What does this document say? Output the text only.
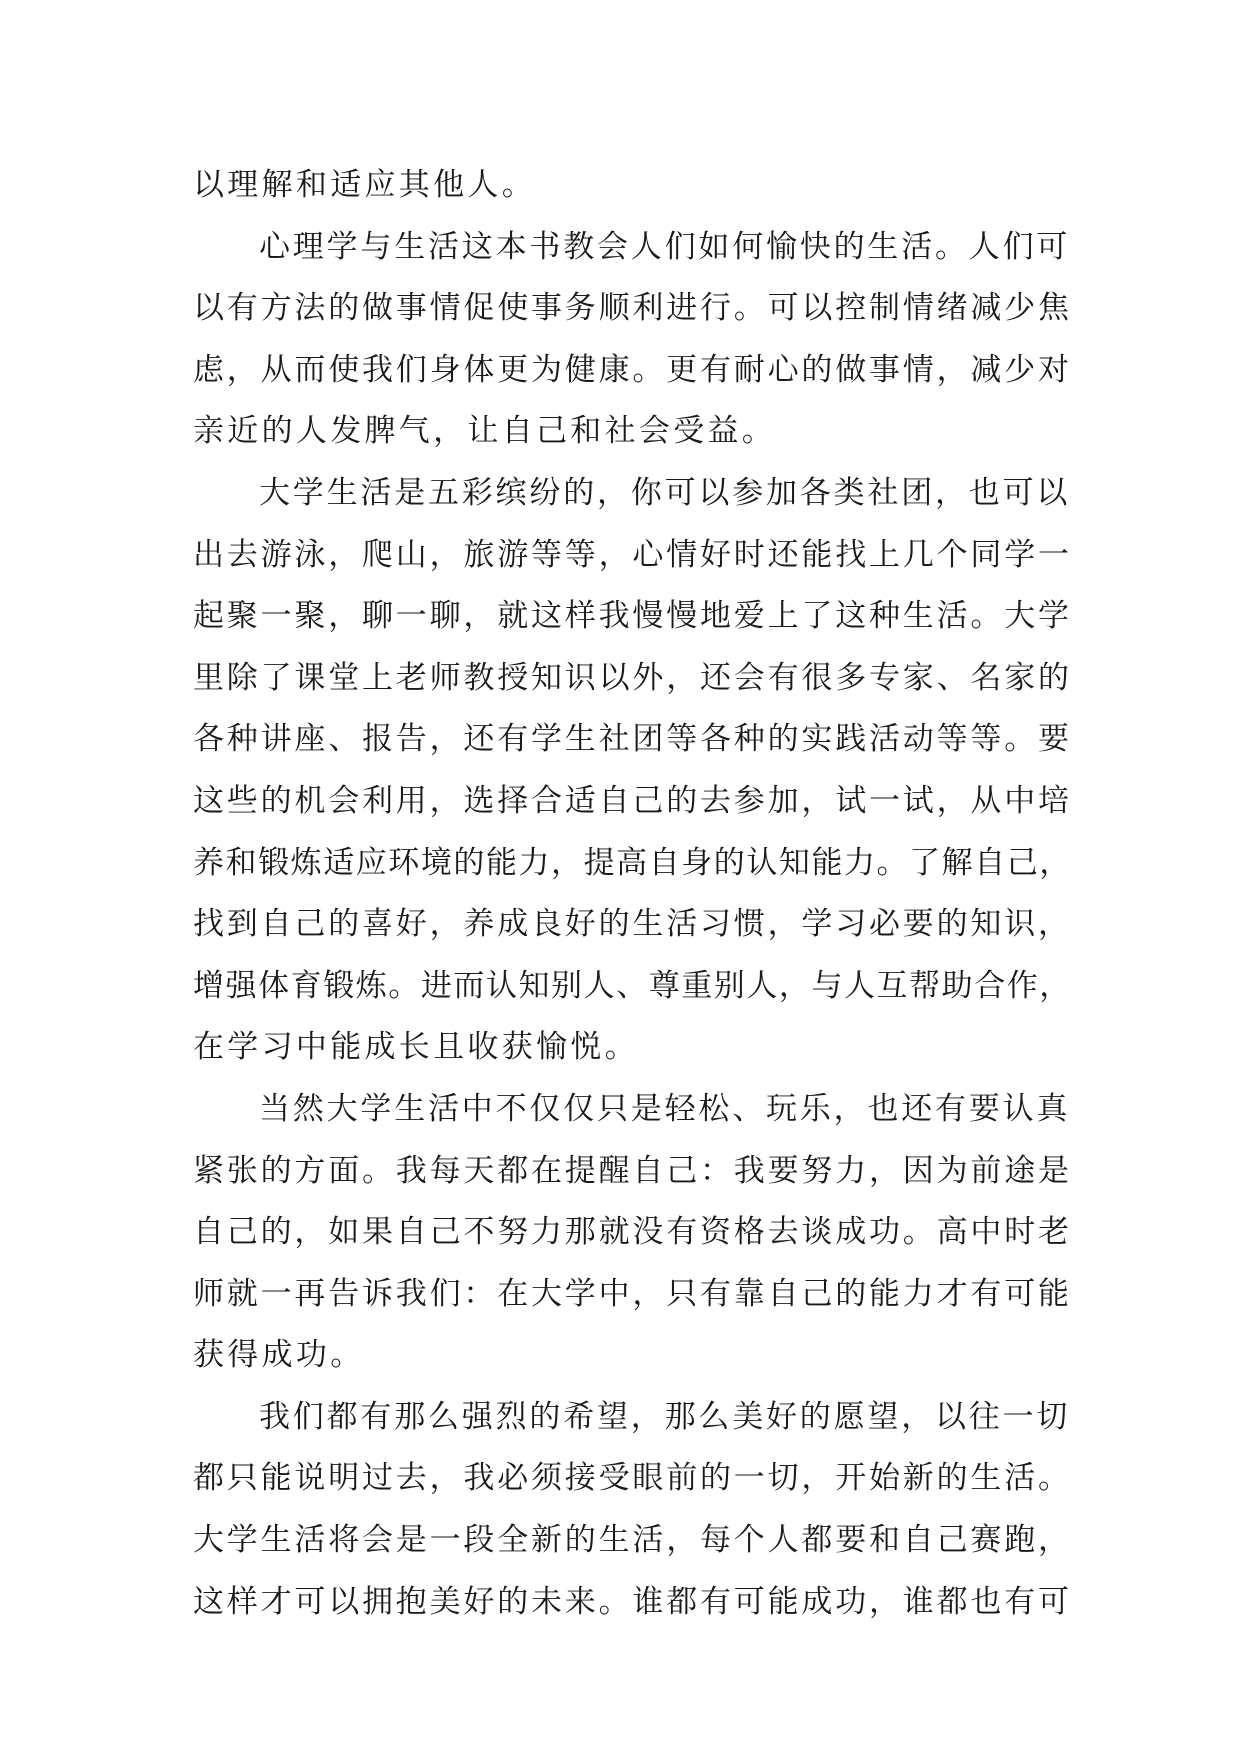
以理解和适应其他人。
心理学与生活这本书教会人们如何愉快的生活。人们可
以有方法的做事情促使事务顺利进行。可以控制情绪减少焦
虑，从而使我们身体更为健康。更有耐心的做事情，减少对
亲近的人发脾气，让自己和社会受益。
大学生活是五彩缤纷的，你可以参加各类社团，也可以
出去游泳，爬山，旅游等等，心情好时还能找上几个同学一
起聚一聚，聊一聊，就这样我慢慢地爱上了这种生活。大学
里除了课堂上老师教授知识以外，还会有很多专家、名家的
各种讲座、报告，还有学生社团等各种的实践活动等等。要
这些的机会利用，选择合适自己的去参加，试一试，从中培
养和锻炼适应环境的能力，提高自身的认知能力。了解自己，
找到自己的喜好，养成良好的生活习惯，学习必要的知识，
增强体育锻炼。进而认知别人、尊重别人，与人互帮助合作，
在学习中能成长且收获愉悦。
当然大学生活中不仅仅只是轻松、玩乐，也还有要认真
紧张的方面。我每天都在提醒自己：我要努力，因为前途是
自己的，如果自己不努力那就没有资格去谈成功。高中时老
师就一再告诉我们：在大学中，只有靠自己的能力才有可能
获得成功。
我们都有那么强烈的希望，那么美好的愿望，以往一切
都只能说明过去，我必须接受眼前的一切，开始新的生活。
大学生活将会是一段全新的生活，每个人都要和自己赛跑，
这样才可以拥抱美好的未来。谁都有可能成功，谁都也有可
